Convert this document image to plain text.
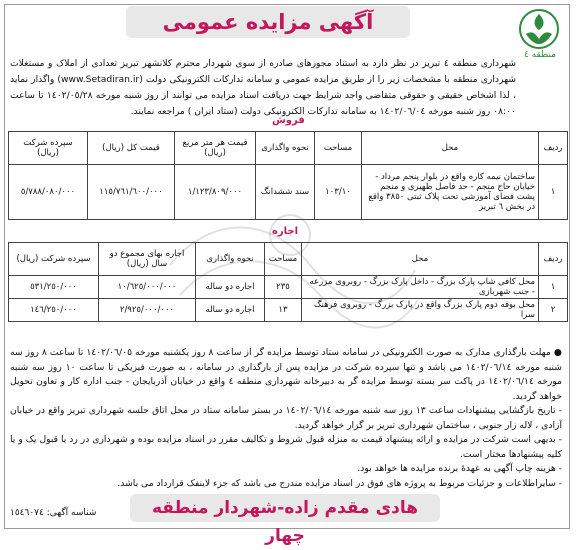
آگهی مزایده عمومی
منطقه ٤
شهرداری منطقه ٤ تبریز در نظر دارد به استناد مجوزهای صادره از سوی شهردار محترم کلانشهر تبریز تعدادی از املاک و مستغلات شهرداری منطقه با مشخصات زیر را از طریق مزایده عمومی و سامانه تدارکات الکترونیکی دولت (www.Setadiran.ir) واگذار نماید ، لذا اشخاص حقیقی و حقوقی متقاضی واجد شرایط جهت دریافت اسناد مزایده می توانند از روز شنبه مورخه ١٤٠٢/٠٥/٢٨ تا ساعت ٠٨:٠٠ روز شنبه مورخه ١٤٠٢/٠٦/٠٤ به سامانه تدارکات الکترونیکی دولت (ستاد ایران ) مراجعه نمایند.
فروش
ردیف	محل	مساحت	نحوه واگذاری	قیمت هر متر مربع (ریال)	قیمت کل (ریال)	سپرده شرکت (ریال)
١	ساختمان نیمه کاره واقع در بلوار پنجم مرداد - خیابان حاج منجم - حد فاصل ظهیری و منجم پشت فضای آموزشی تحت پلاک ثبتی ٣٨٥٠ واقع در بخش ٦ تبریز	١٠٣/١٠	سند ششدانگ	١/١٢٣/٨٠٩/٠٠٠	١١٥/٧٦١/٦٠٠/٠٠٠	٥/٧٨٨/٠٨٠/٠٠٠
اجاره
ردیف	محل	مساحت	نحوه واگذاری	اجاره بهای مجموع دو سال (ریال)	سپرده شرکت (ریال)
١	محل کافی شاپ پارک بزرگ - داخل پارک بزرگ - روبروی مزرعه - جنب شهربازی	٢٣٥	اجاره دو ساله	١٠/٦٢٥/٠٠٠/٠٠٠	٥٣١/٢٥٠/٠٠٠
٢	محل بوفه دوم پارک بزرگ واقع در پارک بزرگ - روبروی فرهنگ سرا	١٣	اجاره دو ساله	٢/٩٢٥/٠٠٠/٠٠٠	١٤٦/٢٥٠/٠٠٠

● مهلت بارگذاری مدارک به صورت الکترونیکی در سامانه ستاد توسط مزایده گر از ساعت ٨ روز یکشنبه مورخه ١٤٠٢/٠٦/٠٥ تا ساعت ٨ روز سه شنبه مورخه ١٤٠٢/٠٦/١٤ می باشد و تنها سپرده شرکت در مزایده پس از بارگذاری در سامانه ، به صورت فیزیکی تا ساعت ١٠ روز سه شنبه مورخه ١٤٠٢/٠٦/١٤ در پاکت سر بسته توسط مزایده گر به دبیرخانه شهرداری منطقه ٤ واقع در خیابان آذربایجان - جنب اداره کار و تعاون تحویل خواهد گردید.

- تاریخ بازگشایی پیشنهادات ساعت ١٣ روز سه شنبه مورخه ١٤٠٢/٠٦/١٤ در بستر سامانه ستاد در محل اتاق جلسه شهرداری تبریز واقع در خیابان آزادی ، لاله زار جنوبی ، ساختمان شهرداری تبریز بر گزار خواهد گردید.

- بدیهی است شرکت در مزایده و ارائه پیشنهاد قیمت به منزله قبول شروط و تکالیف مقرر در اسناد مزایده بوده و شهرداری در رد یا قبول یک و یا کلیه پیشنهادها مختار است.

- هزینه چاپ آگهی به عهدهٔ برنده مزایده ها خواهد بود.

- سایراطلاعات و جزئیات مربوط به پروژه های فوق در اسناد مزایده مندرج می باشد که جزء لاینفک قرارداد می باشد.

هادی مقدم زاده-شهردار منطقه چهار
شناسه آگهی: ١٥٤٦٠٧٤
